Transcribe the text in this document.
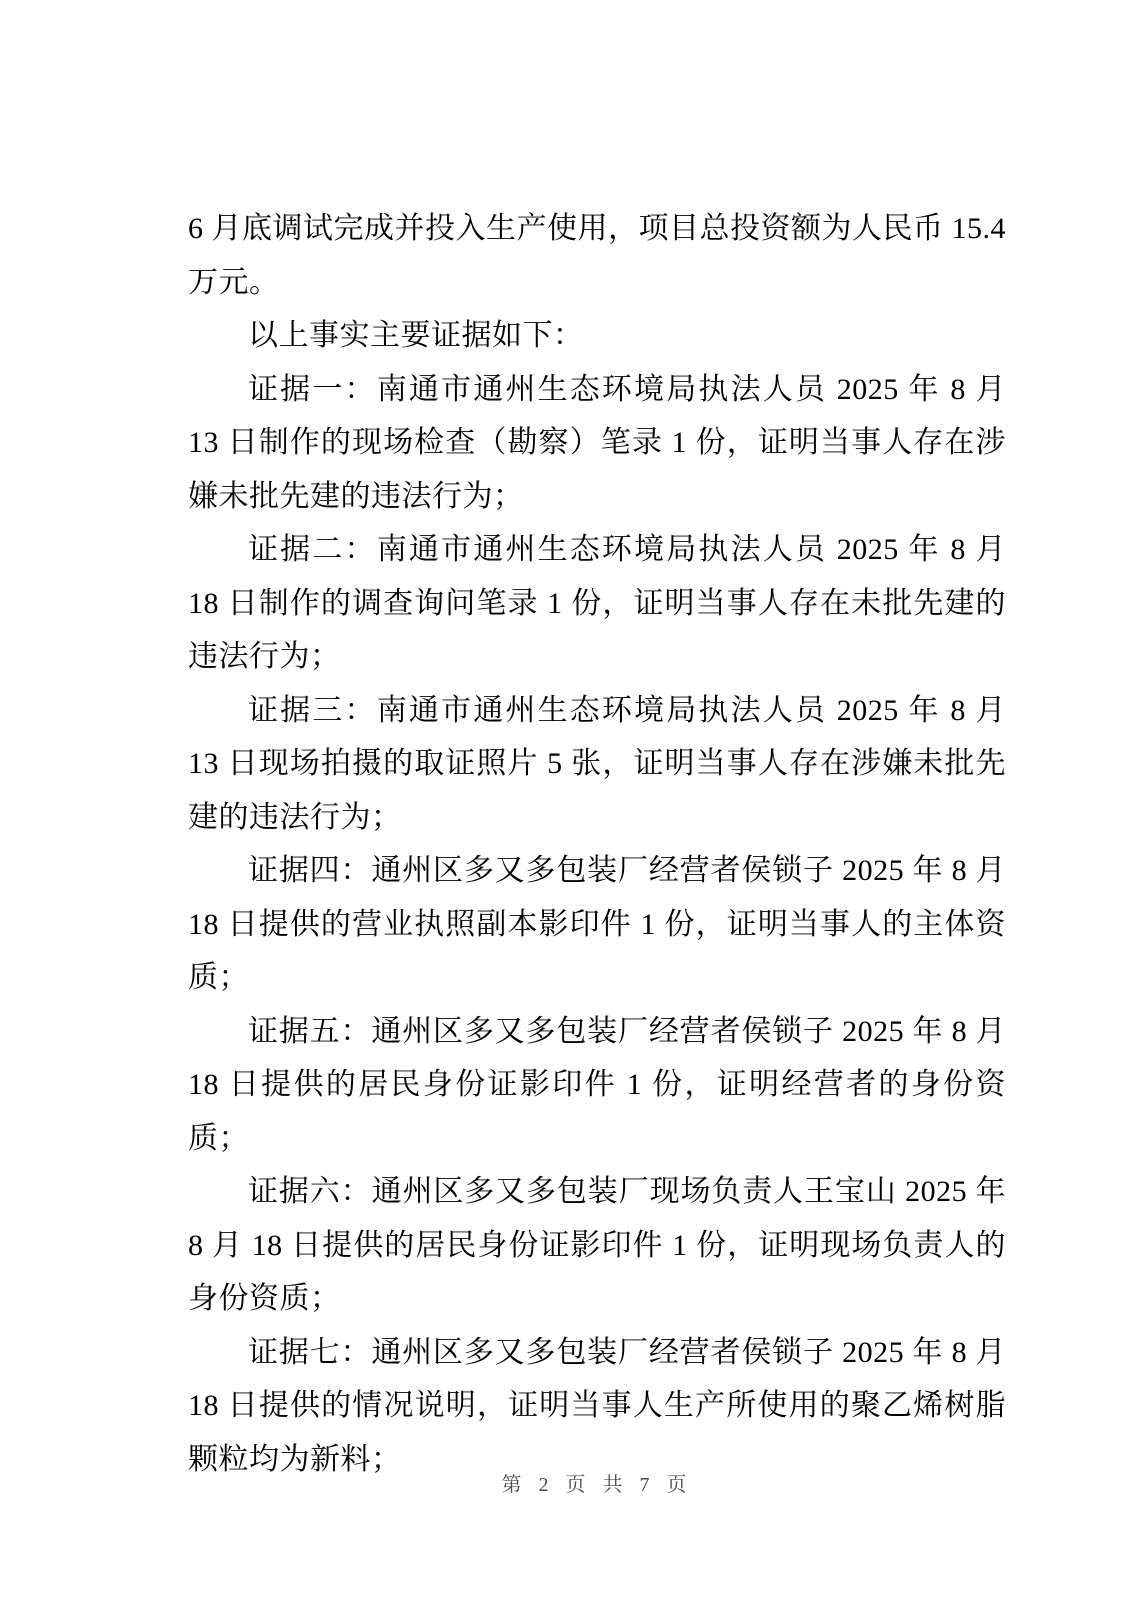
6 月底调试完成并投入生产使用，项目总投资额为人民币 15.4 万元。

以上事实主要证据如下：

证据一：南通市通州生态环境局执法人员 2025 年 8 月 13 日制作的现场检查（勘察）笔录 1 份，证明当事人存在涉嫌未批先建的违法行为；

证据二：南通市通州生态环境局执法人员 2025 年 8 月 18 日制作的调查询问笔录 1 份，证明当事人存在未批先建的违法行为；

证据三：南通市通州生态环境局执法人员 2025 年 8 月 13 日现场拍摄的取证照片 5 张，证明当事人存在涉嫌未批先建的违法行为；

证据四：通州区多又多包装厂经营者侯锁子 2025 年 8 月 18 日提供的营业执照副本影印件 1 份，证明当事人的主体资质；

证据五：通州区多又多包装厂经营者侯锁子 2025 年 8 月 18 日提供的居民身份证影印件 1 份，证明经营者的身份资质；

证据六：通州区多又多包装厂现场负责人王宝山 2025 年 8 月 18 日提供的居民身份证影印件 1 份，证明现场负责人的身份资质；

证据七：通州区多又多包装厂经营者侯锁子 2025 年 8 月 18 日提供的情况说明，证明当事人生产所使用的聚乙烯树脂颗粒均为新料；

第 2 页 共 7 页
